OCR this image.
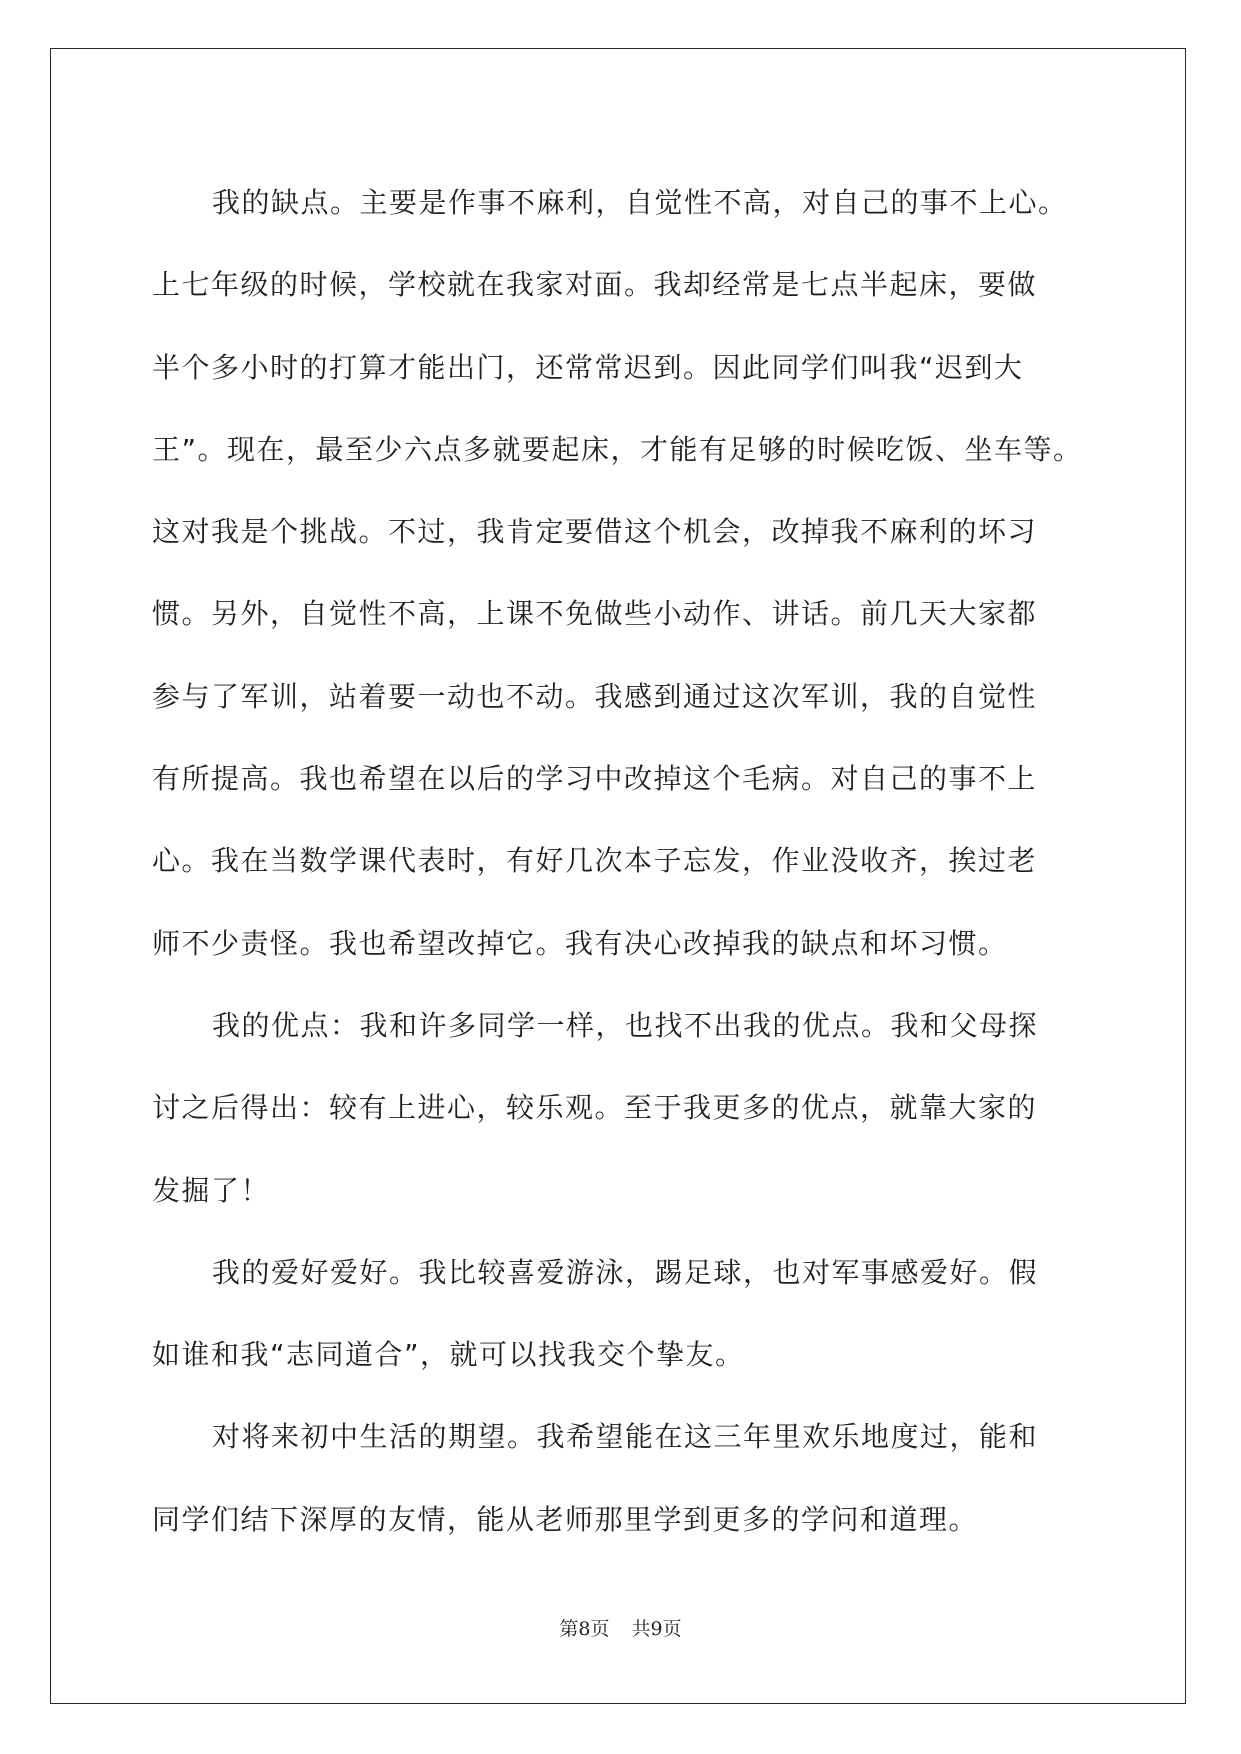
我的缺点。主要是作事不麻利，自觉性不高，对自己的事不上心。
上七年级的时候，学校就在我家对面。我却经常是七点半起床，要做
半个多小时的打算才能出门，还常常迟到。因此同学们叫我“迟到大
王”。现在，最至少六点多就要起床，才能有足够的时候吃饭、坐车等。
这对我是个挑战。不过，我肯定要借这个机会，改掉我不麻利的坏习
惯。另外，自觉性不高，上课不免做些小动作、讲话。前几天大家都
参与了军训，站着要一动也不动。我感到通过这次军训，我的自觉性
有所提高。我也希望在以后的学习中改掉这个毛病。对自己的事不上
心。我在当数学课代表时，有好几次本子忘发，作业没收齐，挨过老
师不少责怪。我也希望改掉它。我有决心改掉我的缺点和坏习惯。

我的优点：我和许多同学一样，也找不出我的优点。我和父母探
讨之后得出：较有上进心，较乐观。至于我更多的优点，就靠大家的
发掘了！

我的爱好爱好。我比较喜爱游泳，踢足球，也对军事感爱好。假
如谁和我“志同道合”，就可以找我交个挚友。

对将来初中生活的期望。我希望能在这三年里欢乐地度过，能和
同学们结下深厚的友情，能从老师那里学到更多的学问和道理。

第8页 共9页
